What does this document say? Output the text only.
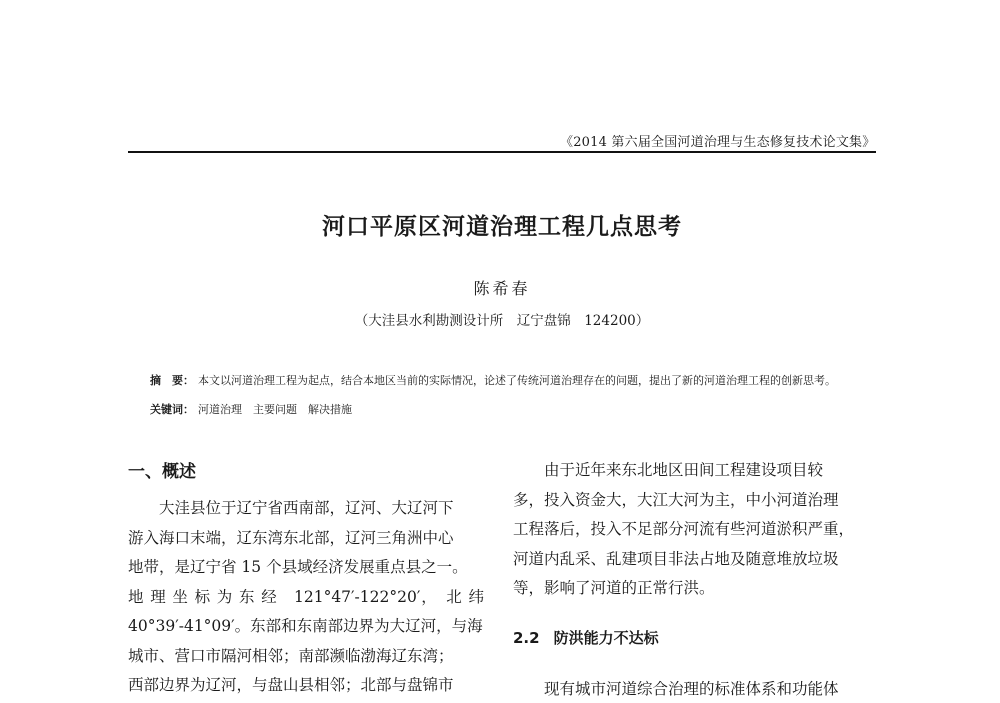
《2014 第六届全国河道治理与生态修复技术论文集》
河口平原区河道治理工程几点思考
陈希春
（大洼县水利勘测设计所　辽宁盘锦　124200）
摘　要： 本文以河道治理工程为起点，结合本地区当前的实际情况，论述了传统河道治理存在的问题，提出了新的河道治理工程的创新思考。
关键词： 河道治理　主要问题　解决措施
一、概述
　　大洼县位于辽宁省西南部，辽河、大辽河下
游入海口末端，辽东湾东北部，辽河三角洲中心
地带，是辽宁省 15 个县域经济发展重点县之一。
地 理 坐 标 为 东 经　121°47′-122°20′，　北 纬
40°39′-41°09′。东部和东南部边界为大辽河，与海
城市、营口市隔河相邻；南部濒临渤海辽东湾；
西部边界为辽河，与盘山县相邻；北部与盘锦市
　　由于近年来东北地区田间工程建设项目较
多，投入资金大，大江大河为主，中小河道治理
工程落后，投入不足部分河流有些河道淤积严重，
河道内乱采、乱建项目非法占地及随意堆放垃圾
等，影响了河道的正常行洪。
2.2 防洪能力不达标
　　现有城市河道综合治理的标准体系和功能体
